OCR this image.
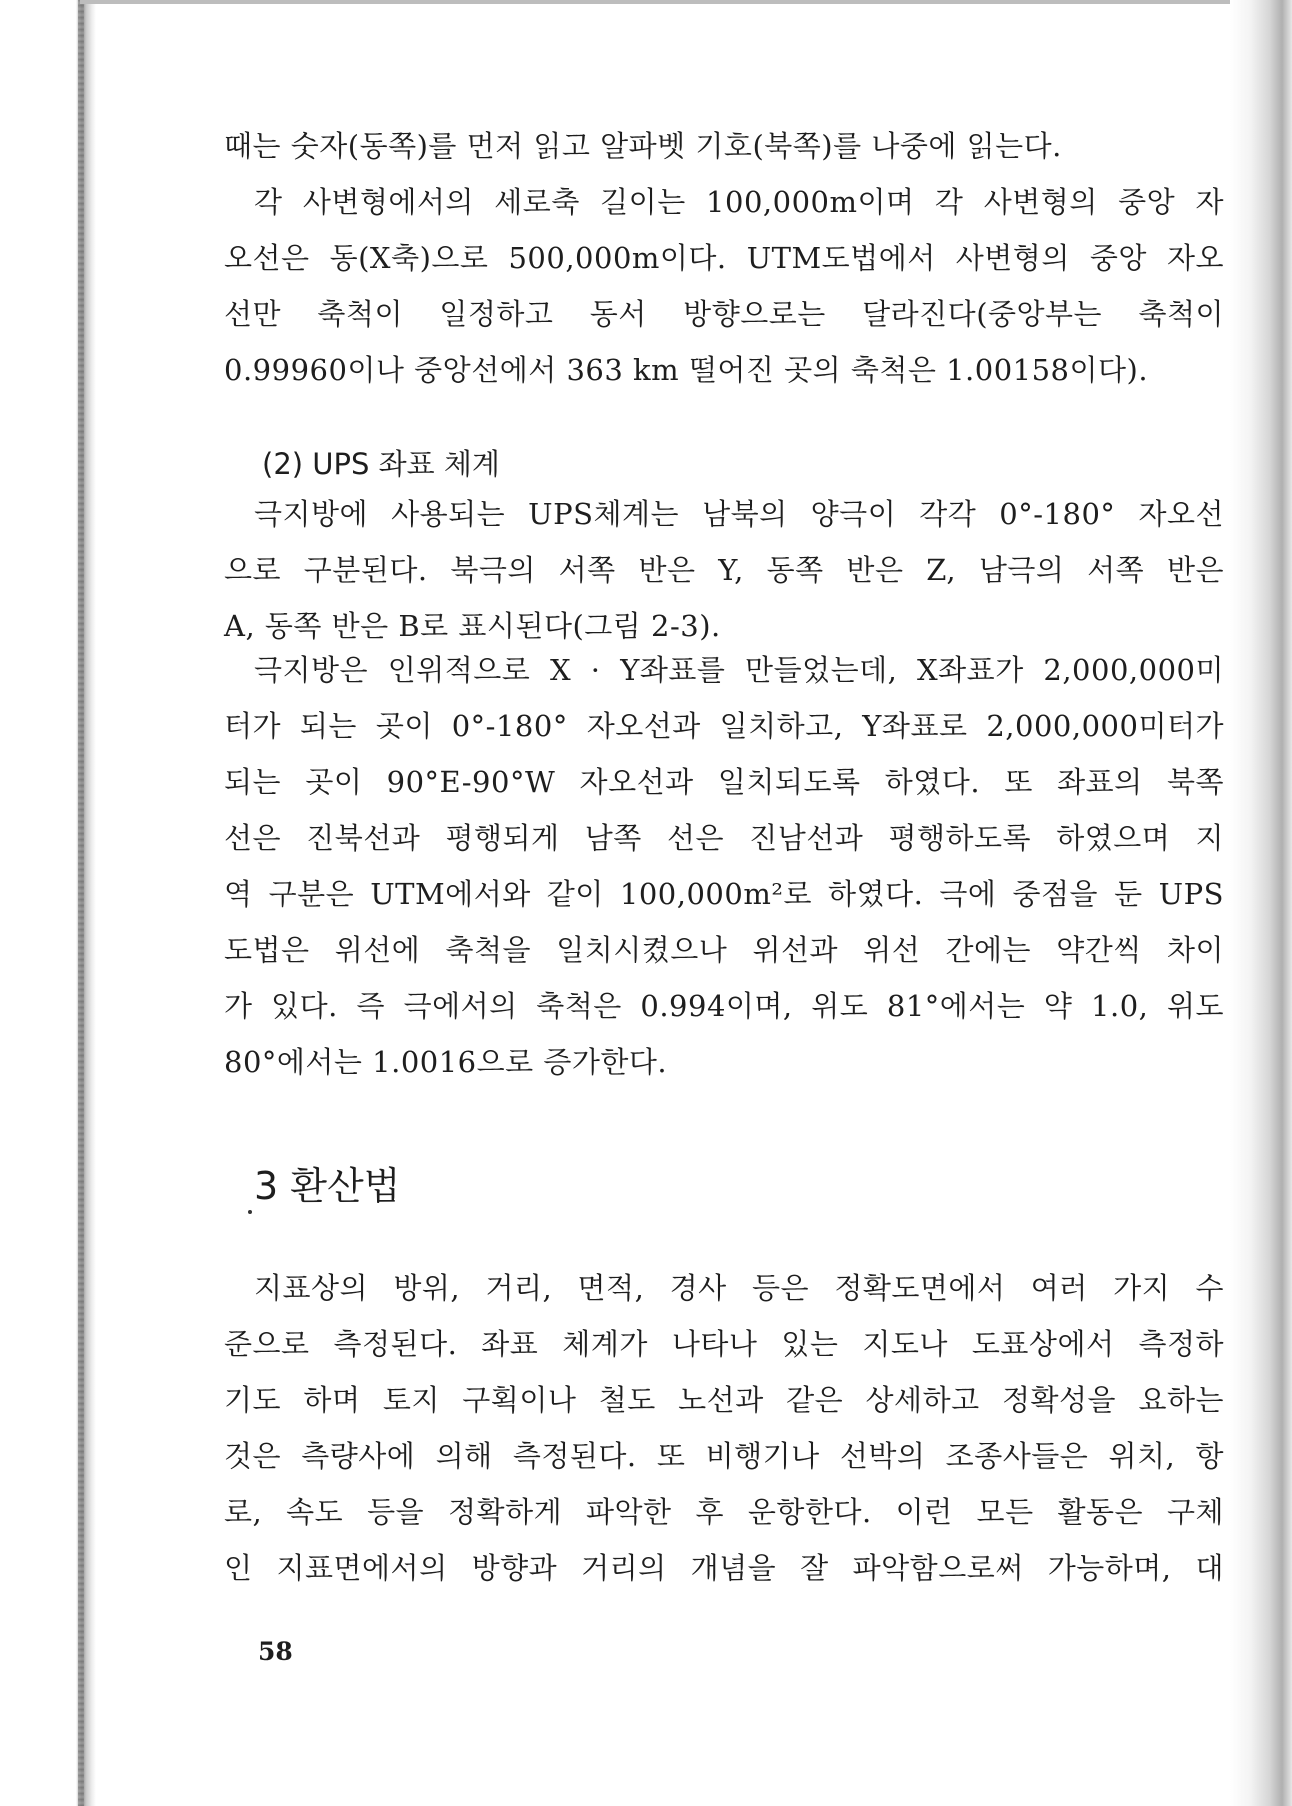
때는 숫자(동쪽)를 먼저 읽고 알파벳 기호(북쪽)를 나중에 읽는다.
각 사변형에서의 세로축 길이는 100,000m이며 각 사변형의 중앙 자
오선은 동(X축)으로 500,000m이다. UTM도법에서 사변형의 중앙 자오
선만 축척이 일정하고 동서 방향으로는 달라진다(중앙부는 축척이
0.99960이나 중앙선에서 363 km 떨어진 곳의 축척은 1.00158이다).
(2) UPS 좌표 체계
극지방에 사용되는 UPS체계는 남북의 양극이 각각 0°-180° 자오선
으로 구분된다. 북극의 서쪽 반은 Y, 동쪽 반은 Z, 남극의 서쪽 반은
A, 동쪽 반은 B로 표시된다(그림 2-3).
극지방은 인위적으로 X · Y좌표를 만들었는데, X좌표가 2,000,000미
터가 되는 곳이 0°-180° 자오선과 일치하고, Y좌표로 2,000,000미터가
되는 곳이 90°E-90°W 자오선과 일치되도록 하였다. 또 좌표의 북쪽
선은 진북선과 평행되게 남쪽 선은 진남선과 평행하도록 하였으며 지
역 구분은 UTM에서와 같이 100,000m²로 하였다. 극에 중점을 둔 UPS
도법은 위선에 축척을 일치시켰으나 위선과 위선 간에는 약간씩 차이
가 있다. 즉 극에서의 축척은 0.994이며, 위도 81°에서는 약 1.0, 위도
80°에서는 1.0016으로 증가한다.
3 환산법
지표상의 방위, 거리, 면적, 경사 등은 정확도면에서 여러 가지 수
준으로 측정된다. 좌표 체계가 나타나 있는 지도나 도표상에서 측정하
기도 하며 토지 구획이나 철도 노선과 같은 상세하고 정확성을 요하는
것은 측량사에 의해 측정된다. 또 비행기나 선박의 조종사들은 위치, 항
로, 속도 등을 정확하게 파악한 후 운항한다. 이런 모든 활동은 구체
인 지표면에서의 방향과 거리의 개념을 잘 파악함으로써 가능하며, 대
58
